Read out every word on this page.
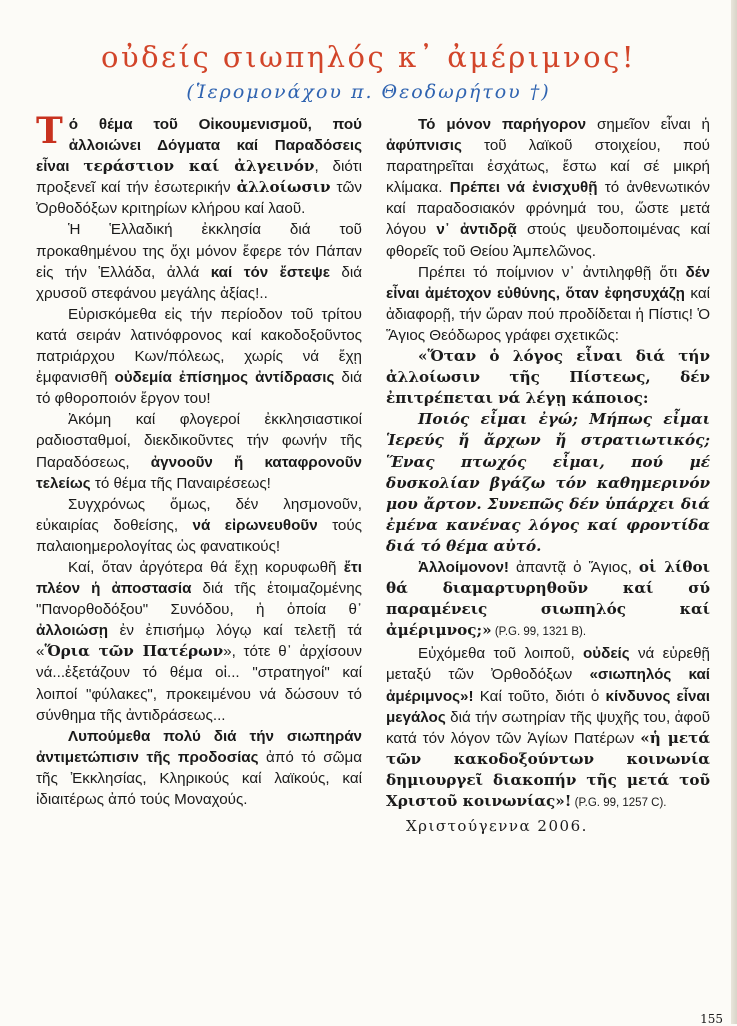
οὐδείς σιωπηλός κ᾽ ἀμέριμνος!
(Ἱερομονάχου π. Θεοδωρήτου †)

Τό θέμα τοῦ Οἰκουμενισμοῦ, πού ἀλλοιώνει Δόγματα καί Παραδόσεις εἶναι τεράστιον καί ἀλγεινόν, διότι προξενεῖ καί τήν ἐσωτερικήν ἀλλοίωσιν τῶν Ὀρθοδόξων κριτηρίων κλήρου καί λαοῦ.

Ἡ Ἑλλαδική ἐκκλησία διά τοῦ προκαθημένου της ὄχι μόνον ἔφερε τόν Πάπαν εἰς τήν Ἑλλάδα, ἀλλά καί τόν ἔστεψε διά χρυσοῦ στεφάνου μεγάλης ἀξίας!..

Εὑρισκόμεθα εἰς τήν περίοδον τοῦ τρίτου κατά σειράν λατινόφρονος καί κακοδοξοῦντος πατριάρχου Κων/πόλεως, χωρίς νά ἔχῃ ἐμφανισθῆ οὐδεμία ἐπίσημος ἀντίδρασις διά τό φθοροποιόν ἔργον του!

Ἀκόμη καί φλογεροί ἐκκλησιαστικοί ραδιοσταθμοί, διεκδικοῦντες τήν φωνήν τῆς Παραδόσεως, ἀγνοοῦν ἤ καταφρονοῦν τελείως τό θέμα τῆς Παναιρέσεως!

Συγχρόνως ὅμως, δέν λησμονοῦν, εὐκαιρίας δοθείσης, νά εἰρωνευθοῦν τούς παλαιοημερολογίτας ὡς φανατικούς!

Καί, ὅταν ἀργότερα θά ἔχῃ κορυφωθῆ ἔτι πλέον ἡ ἀποστασία διά τῆς ἑτοιμαζομένης "Πανορθοδόξου" Συνόδου, ἡ ὁποία θ᾽ ἀλλοιώσῃ ἐν ἐπισήμῳ λόγῳ καί τελετῇ τά «Ὅρια τῶν Πατέρων», τότε θ᾽ ἀρχίσουν νά...ἐξετάζουν τό θέμα οἱ... "στρατηγοί" καί λοιποί "φύλακες", προκειμένου νά δώσουν τό σύνθημα τῆς ἀντιδράσεως...

Λυπούμεθα πολύ διά τήν σιωπηράν ἀντιμετώπισιν τῆς προδοσίας ἀπό τό σῶμα τῆς Ἐκκλησίας, Κληρικούς καί λαϊκούς, καί ἰδιαιτέρως ἀπό τούς Μοναχούς.

Τό μόνον παρήγορον σημεῖον εἶναι ἡ ἀφύπνισις τοῦ λαϊκοῦ στοιχείου, πού παρατηρεῖται ἐσχάτως, ἔστω καί σέ μικρή κλίμακα. Πρέπει νά ἐνισχυθῇ τό ἀνθενωτικόν καί παραδοσιακόν φρόνημά του, ὥστε μετά λόγου ν᾽ ἀντιδρᾷ στούς ψευδοποιμένας καί φθορεῖς τοῦ Θείου Ἀμπελῶνος.

Πρέπει τό ποίμνιον ν᾽ ἀντιληφθῇ ὅτι δέν εἶναι ἀμέτοχον εὐθύνης, ὅταν ἐφησυχάζῃ καί ἀδιαφορῇ, τήν ὥραν πού προδίδεται ἡ Πίστις! Ὁ Ἅγιος Θεόδωρος γράφει σχετικῶς:

«Ὅταν ὁ λόγος εἶναι διά τήν ἀλλοίωσιν τῆς Πίστεως, δέν ἐπιτρέπεται νά λέγῃ κάποιος:

Ποιός εἶμαι ἐγώ; Μήπως εἶμαι Ἱερεύς ἤ ἄρχων ἤ στρατιωτικός; Ἕνας πτωχός εἶμαι, πού μέ δυσκολίαν βγάζω τόν καθημερινόν μου ἄρτον. Συνεπῶς δέν ὑπάρχει διά ἐμένα κανένας λόγος καί φροντίδα διά τό θέμα αὐτό.

Ἀλλοίμονον! ἀπαντᾷ ὁ Ἅγιος, οἱ λίθοι θά διαμαρτυρηθοῦν καί σύ παραμένεις σιωπηλός καί ἀμέριμνος;» (P.G. 99, 1321 B).

Εὐχόμεθα τοῦ λοιποῦ, οὐδείς νά εὑρεθῇ μεταξύ τῶν Ὀρθοδόξων «σιωπηλός καί ἀμέριμνος»! Καί τοῦτο, διότι ὁ κίνδυνος εἶναι μεγάλος διά τήν σωτηρίαν τῆς ψυχῆς του, ἀφοῦ κατά τόν λόγον τῶν Ἁγίων Πατέρων «ἡ μετά τῶν κακοδοξούντων κοινωνία δημιουργεῖ διακοπήν τῆς μετά τοῦ Χριστοῦ κοινωνίας»! (P.G. 99, 1257 C).

Χριστούγεννα 2006.

155
